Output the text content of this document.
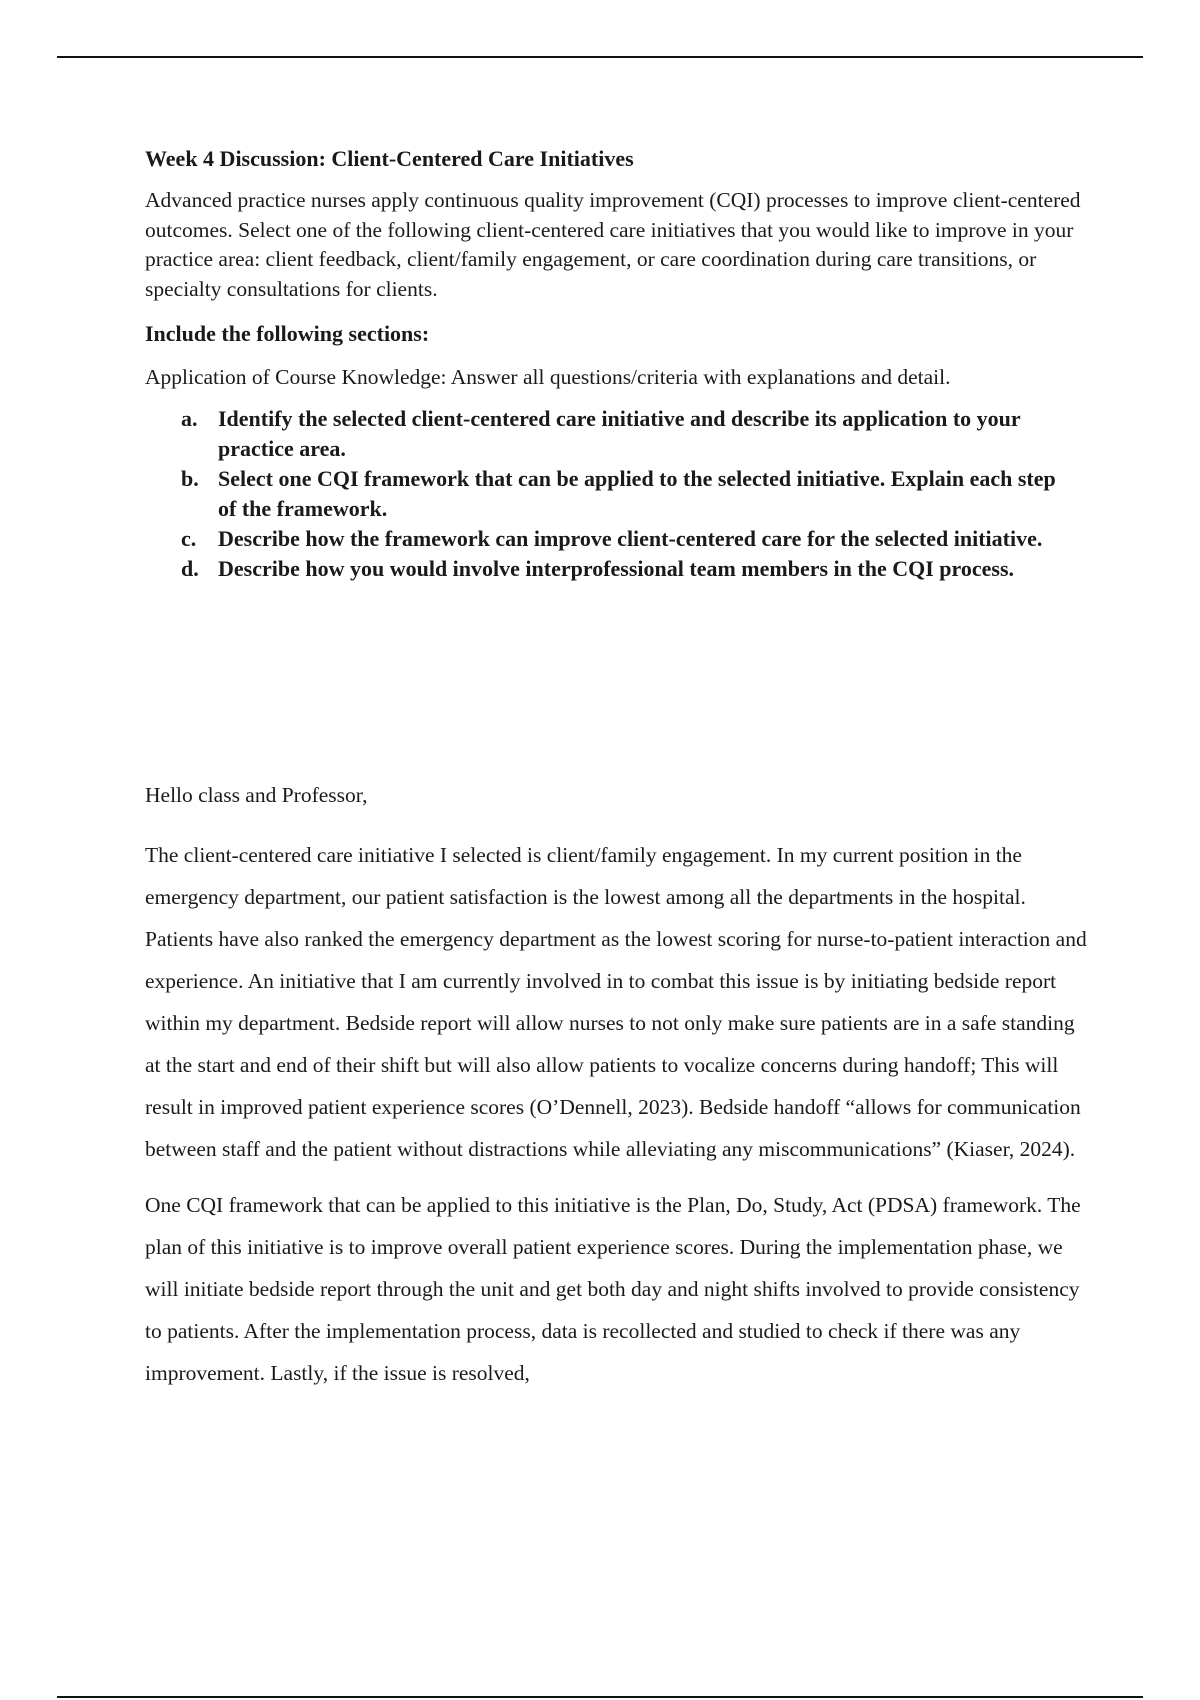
Week 4 Discussion: Client-Centered Care Initiatives

Advanced practice nurses apply continuous quality improvement (CQI) processes to improve client-centered outcomes. Select one of the following client-centered care initiatives that you would like to improve in your practice area: client feedback, client/family engagement, or care coordination during care transitions, or specialty consultations for clients.

Include the following sections:

Application of Course Knowledge: Answer all questions/criteria with explanations and detail.

a. Identify the selected client-centered care initiative and describe its application to your practice area.
b. Select one CQI framework that can be applied to the selected initiative. Explain each step of the framework.
c. Describe how the framework can improve client-centered care for the selected initiative.
d. Describe how you would involve interprofessional team members in the CQI process.

Hello class and Professor,

The client-centered care initiative I selected is client/family engagement. In my current position in the emergency department, our patient satisfaction is the lowest among all the departments in the hospital. Patients have also ranked the emergency department as the lowest scoring for nurse-to-patient interaction and experience. An initiative that I am currently involved in to combat this issue is by initiating bedside report within my department. Bedside report will allow nurses to not only make sure patients are in a safe standing at the start and end of their shift but will also allow patients to vocalize concerns during handoff; This will result in improved patient experience scores (O’Dennell, 2023). Bedside handoff “allows for communication between staff and the patient without distractions while alleviating any miscommunications” (Kiaser, 2024).

One CQI framework that can be applied to this initiative is the Plan, Do, Study, Act (PDSA) framework. The plan of this initiative is to improve overall patient experience scores. During the implementation phase, we will initiate bedside report through the unit and get both day and night shifts involved to provide consistency to patients. After the implementation process, data is recollected and studied to check if there was any improvement. Lastly, if the issue is resolved,
